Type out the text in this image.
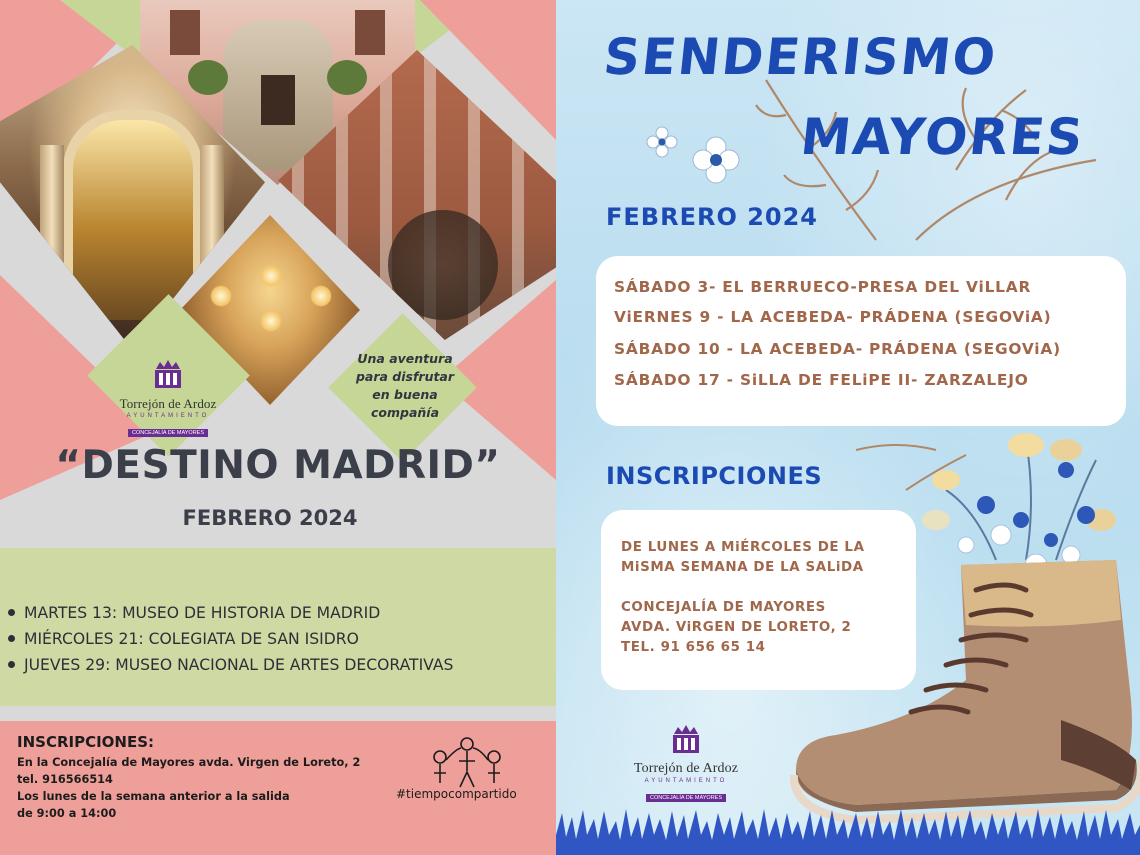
Torrejón de Ardoz
AYUNTAMIENTO
CONCEJALÍA DE MAYORES
Una aventura para disfrutar en buena compañía
“DESTINO MADRID”
FEBRERO 2024
MARTES 13: MUSEO DE HISTORIA DE MADRID
MIÉRCOLES 21: COLEGIATA DE SAN ISIDRO
JUEVES 29: MUSEO NACIONAL DE ARTES DECORATIVAS
INSCRIPCIONES:
En la Concejalía de Mayores avda. Virgen de Loreto, 2
tel. 916566514
Los lunes de la semana anterior a la salida
de 9:00 a 14:00
#tiempocompartido
SENDERISMO
MAYORES
FEBRERO 2024
SÁBADO 3- EL BERRUECO-PRESA DEL ViLLAR
ViERNES 9 - LA ACEBEDA- PRÁDENA (SEGOViA)
SÁBADO 10 - LA ACEBEDA- PRÁDENA (SEGOViA)
SÁBADO 17 - SiLLA DE FELiPE II- ZARZALEJO
INSCRIPCIONES
DE LUNES A MiÉRCOLES DE LA
MiSMA SEMANA DE LA SALiDA
CONCEJALÍA DE MAYORES
AVDA. ViRGEN DE LORETO, 2
TEL. 91 656 65 14
Torrejón de Ardoz
AYUNTAMIENTO
CONCEJALÍA DE MAYORES
